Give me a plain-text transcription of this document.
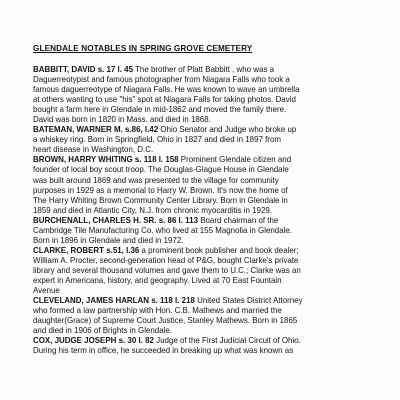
GLENDALE NOTABLES IN SPRING GROVE CEMETERY
BABBITT, DAVID s. 17 l. 45 The brother of Platt Babbitt , who was a
Daguerreotypist and famous photographer from Niagara Falls who took a
famous daguerreotype of Niagara Falls. He was known to wave an umbrella
at others wanting to use "his" spot at Niagara Falls for taking photos. David
bought a farm here in Glendale in mid-1862 and moved the family there.
David was born in 1820 in Mass. and died in 1868.
BATEMAN, WARNER M. s.86, l.42 Ohio Senator and Judge who broke up
a whiskey ring. Born in Springfield, Ohio in 1827 and died in 1897 from
heart disease in Washington, D.C.
BROWN, HARRY WHITING s. 118 l. 158 Prominent Glendale citizen and
founder of local boy scout troop. The Douglas-Glague House in Glendale
was built around 1869 and was presented to the village for community
purposes in 1929 as a memorial to Harry W. Brown. It's now the home of
The Harry Whiting Brown Community Center Library. Born in Glendale in
1859 and died in Atlantic City, N.J. from chronic myocarditis in 1929.
BURCHENALL, CHARLES H. SR. s. 86 l. 113 Board chairman of the
Cambridge Tile Manufacturing Co. who lived at 155 Magnolia in Glendale.
Born in 1896 in Glendale and died in 1972.
CLARKE, ROBERT s.51, l.36 a prominent book publisher and book dealer;
William A. Procter, second-generation head of P&G, bought Clarke's private
library and several thousand volumes and gave them to U.C.; Clarke was an
expert in Americana, history, and geography. Lived at 70 East Fountain
Avenue
CLEVELAND, JAMES HARLAN s. 118 l. 218 United States District Attorney
who formed a law partnership with Hon. C.B. Mathews and married the
daughter(Grace) of Supreme Court Justice, Stanley Mathews. Born in 1865
and died in 1906 of Brights in Glendale.
COX, JUDGE JOSEPH s. 30 l. 82 Judge of the First Judicial Circuit of Ohio.
During his term in office, he succeeded in breaking up what was known as
